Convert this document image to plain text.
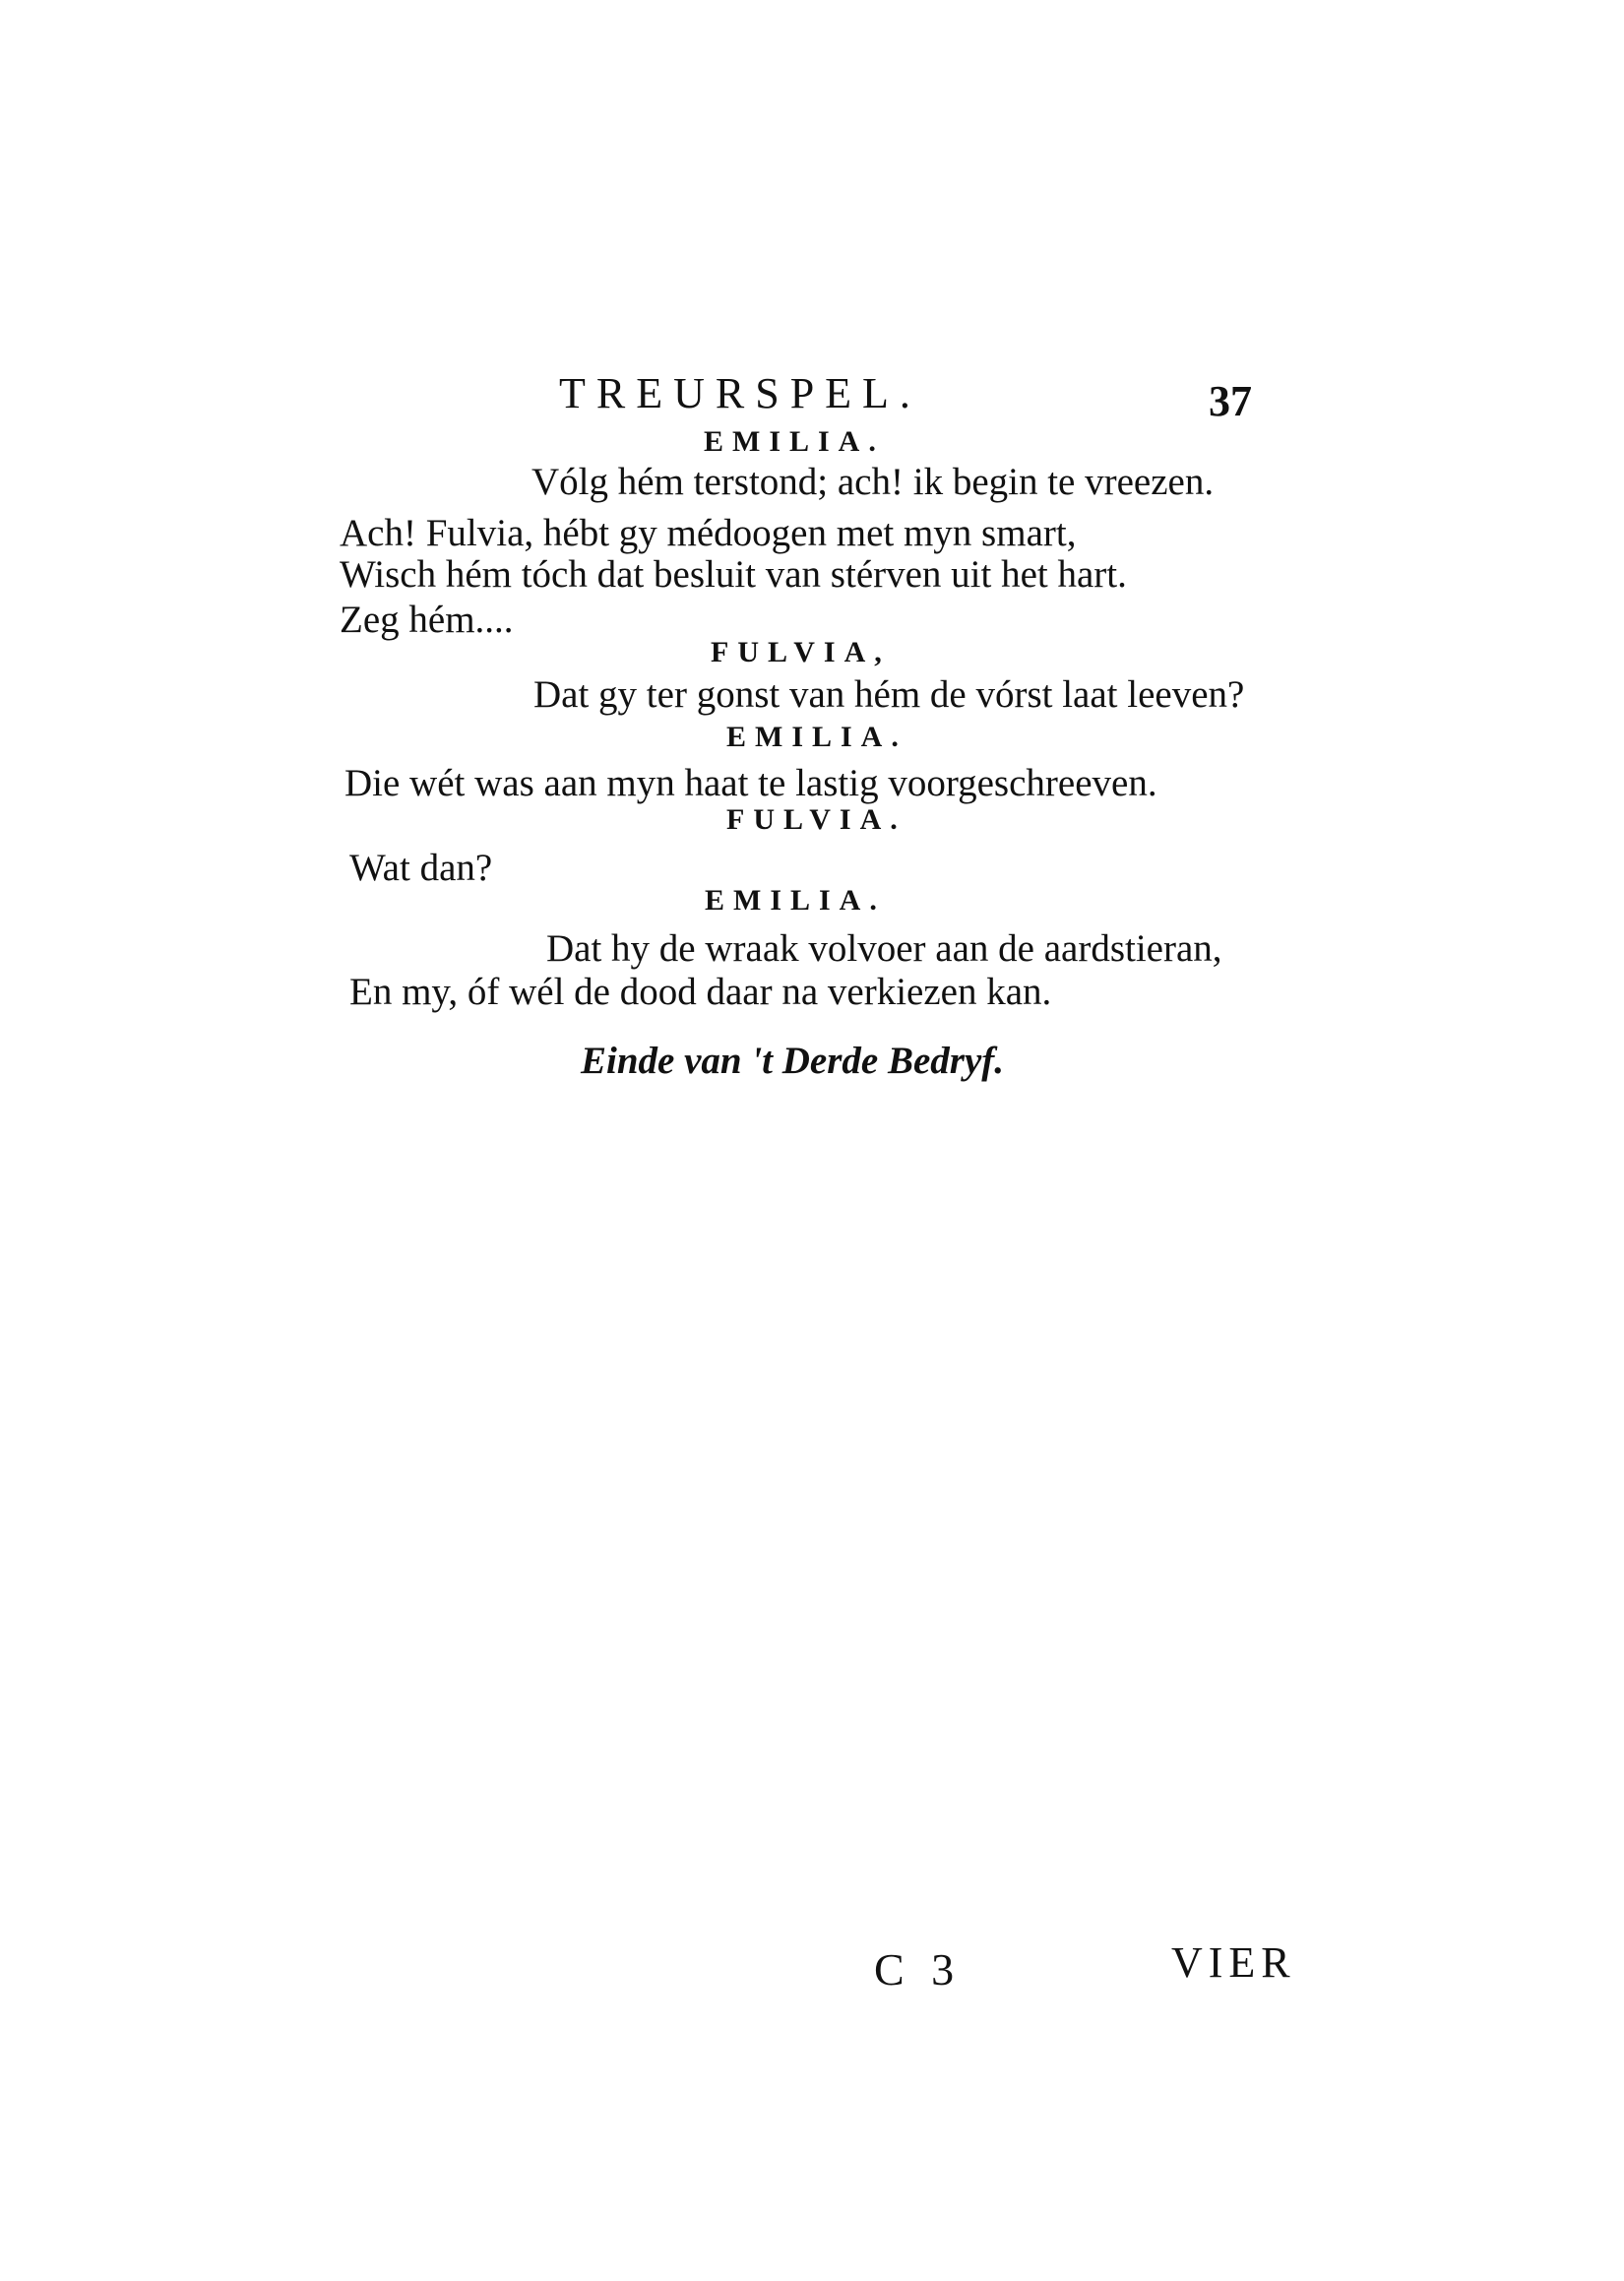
TREURSPEL.	37
EMILIA.
Vólg hém terstond; ach! ik begin te vreezen.
Ach! Fulvia, hébt gy médoogen met myn smart,
Wisch hém tóch dat besluit van stérven uit het hart.
Zeg hém....
FULVIA,
Dat gy ter gonst van hém de vórst laat leeven?
EMILIA.
Die wét was aan myn haat te lastig voorgeschreeven.
FULVIA.
Wat dan?
EMILIA.
Dat hy de wraak volvoer aan de aardstieran,
En my, óf wél de dood daar na verkiezen kan.
Einde van 't Derde Bedryf.
C 3	VIER
